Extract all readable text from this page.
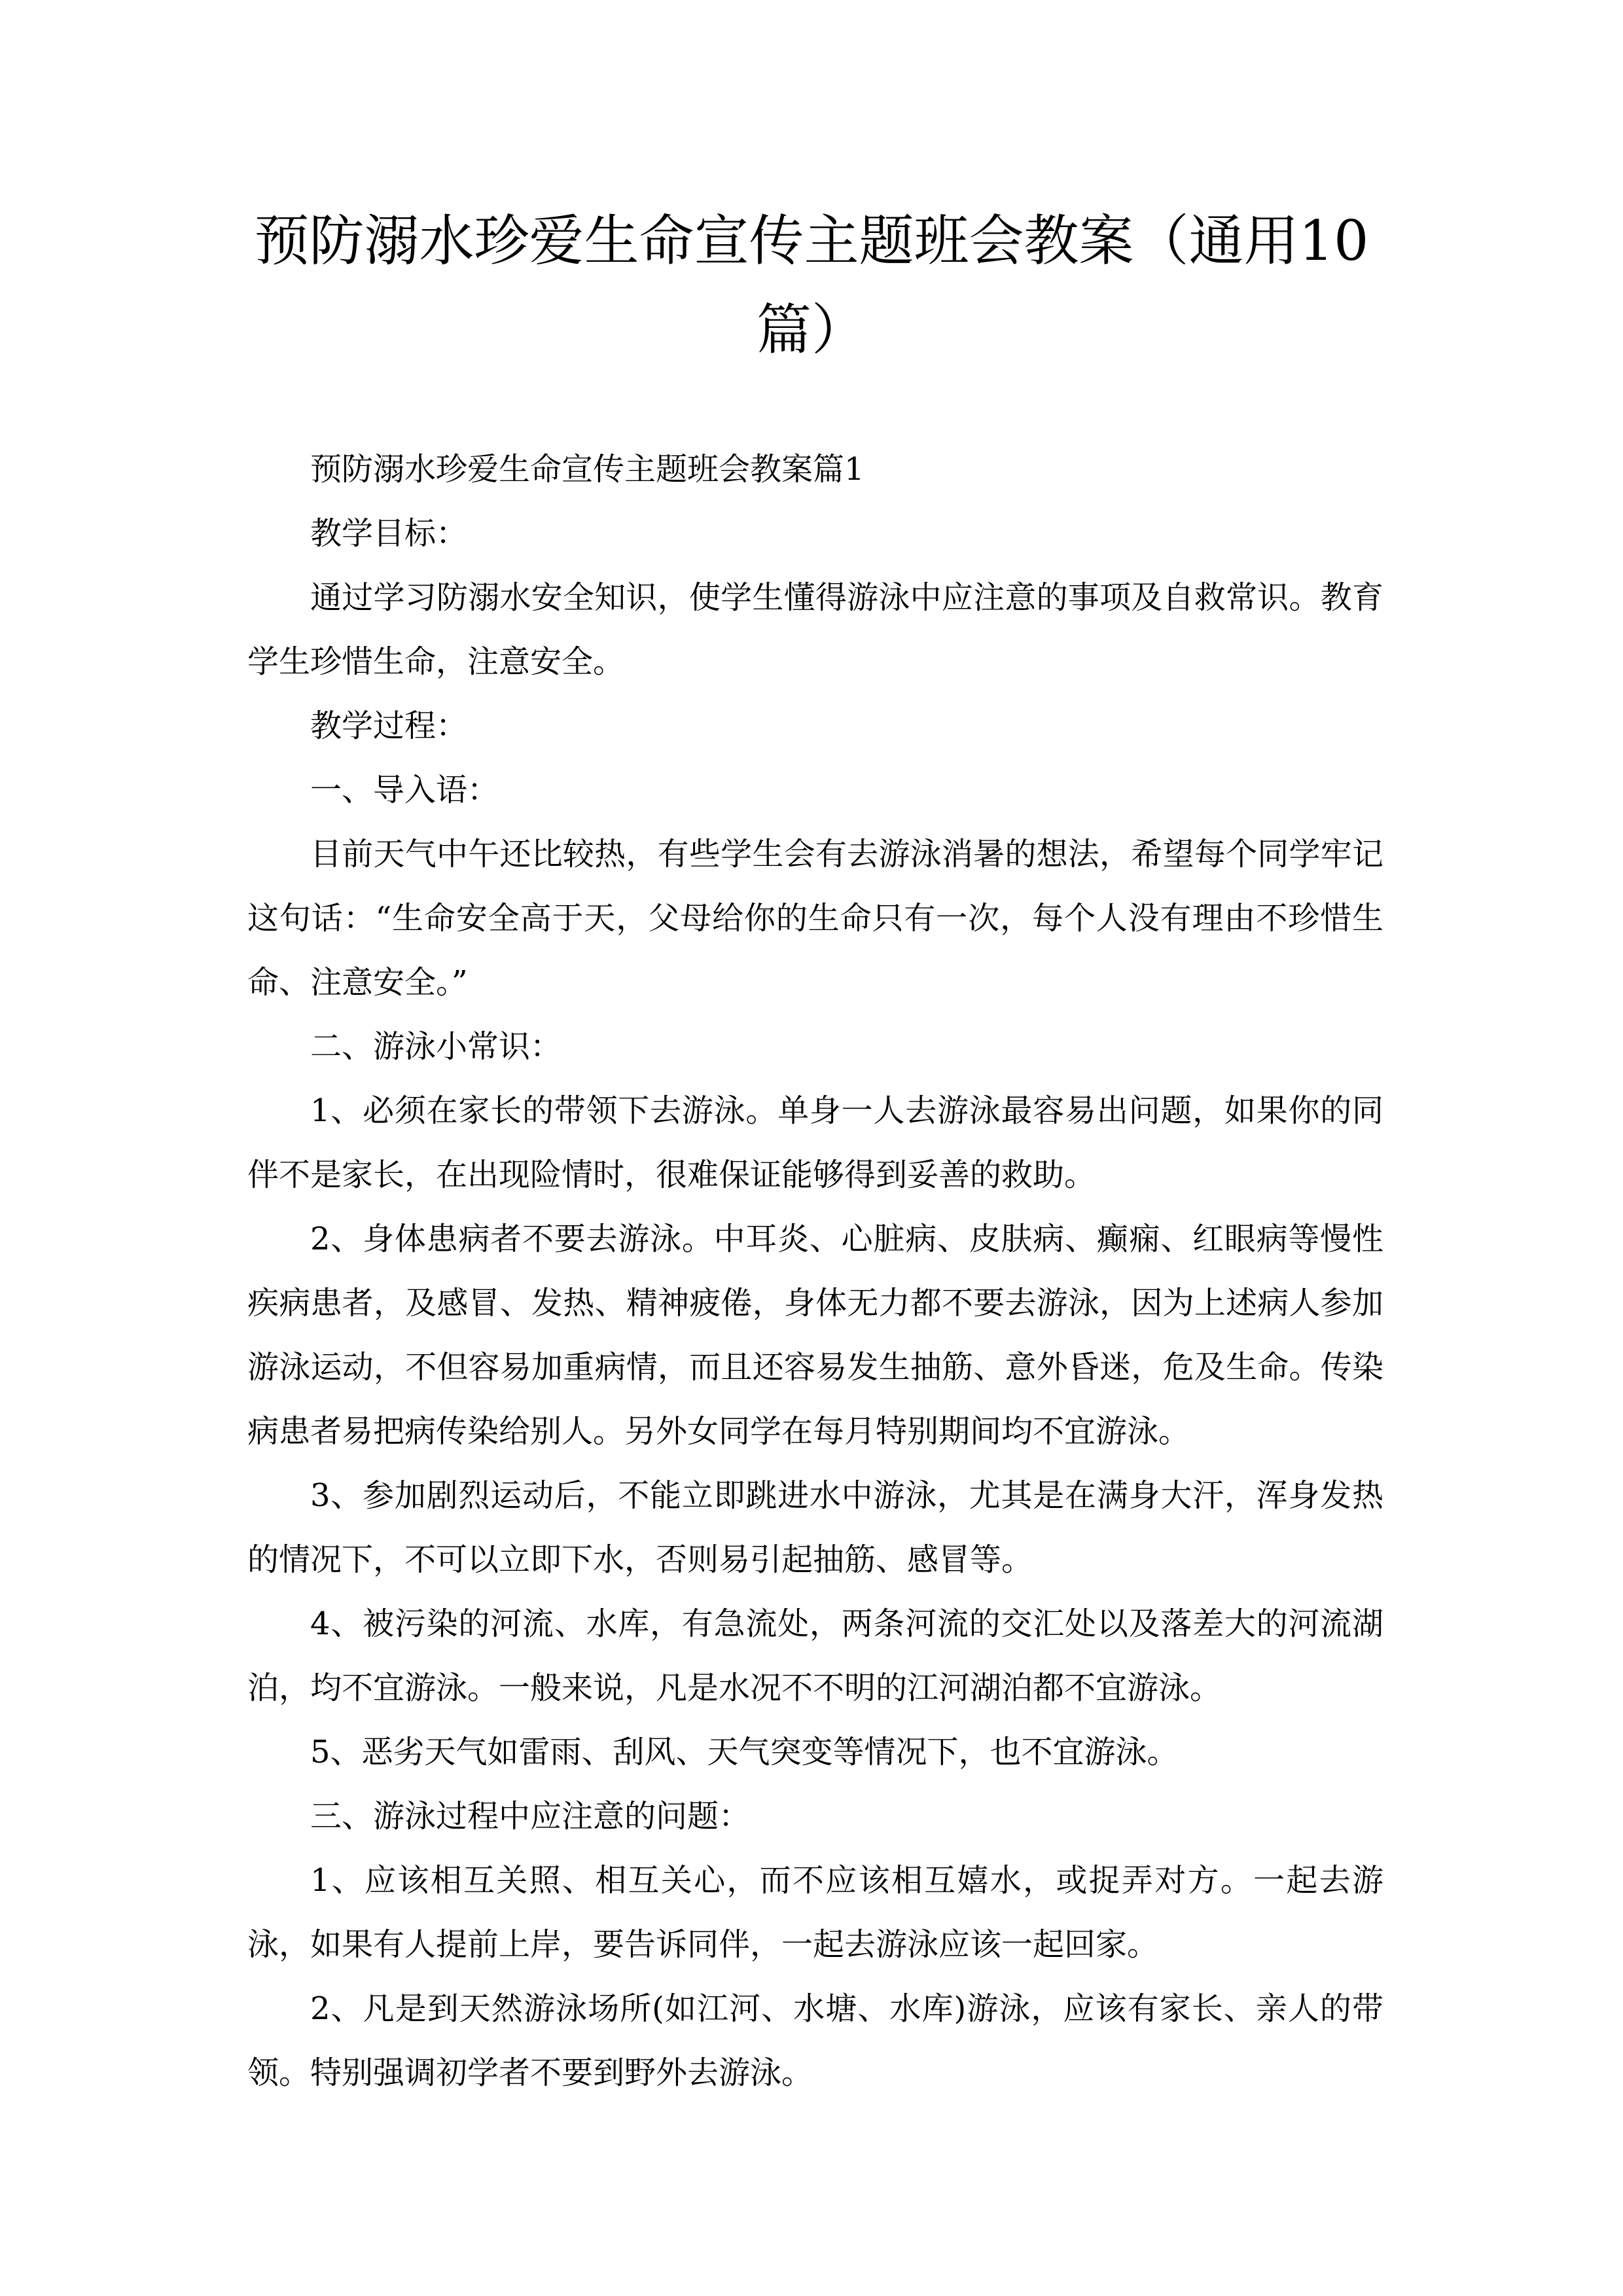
预防溺水珍爱生命宣传主题班会教案（通用10篇）

预防溺水珍爱生命宣传主题班会教案篇1

教学目标：

通过学习防溺水安全知识，使学生懂得游泳中应注意的事项及自救常识。教育学生珍惜生命，注意安全。

教学过程：

一、导入语：

目前天气中午还比较热，有些学生会有去游泳消暑的想法，希望每个同学牢记这句话：“生命安全高于天，父母给你的生命只有一次，每个人没有理由不珍惜生命、注意安全。”

二、游泳小常识：

1、必须在家长的带领下去游泳。单身一人去游泳最容易出问题，如果你的同伴不是家长，在出现险情时，很难保证能够得到妥善的救助。

2、身体患病者不要去游泳。中耳炎、心脏病、皮肤病、癫痫、红眼病等慢性疾病患者，及感冒、发热、精神疲倦，身体无力都不要去游泳，因为上述病人参加游泳运动，不但容易加重病情，而且还容易发生抽筋、意外昏迷，危及生命。传染病患者易把病传染给别人。另外女同学在每月特别期间均不宜游泳。

3、参加剧烈运动后，不能立即跳进水中游泳，尤其是在满身大汗，浑身发热的情况下，不可以立即下水，否则易引起抽筋、感冒等。

4、被污染的河流、水库，有急流处，两条河流的交汇处以及落差大的河流湖泊，均不宜游泳。一般来说，凡是水况不不明的江河湖泊都不宜游泳。

5、恶劣天气如雷雨、刮风、天气突变等情况下，也不宜游泳。

三、游泳过程中应注意的问题：

1、应该相互关照、相互关心，而不应该相互嬉水，或捉弄对方。一起去游泳，如果有人提前上岸，要告诉同伴，一起去游泳应该一起回家。

2、凡是到天然游泳场所(如江河、水塘、水库)游泳，应该有家长、亲人的带领。特别强调初学者不要到野外去游泳。
